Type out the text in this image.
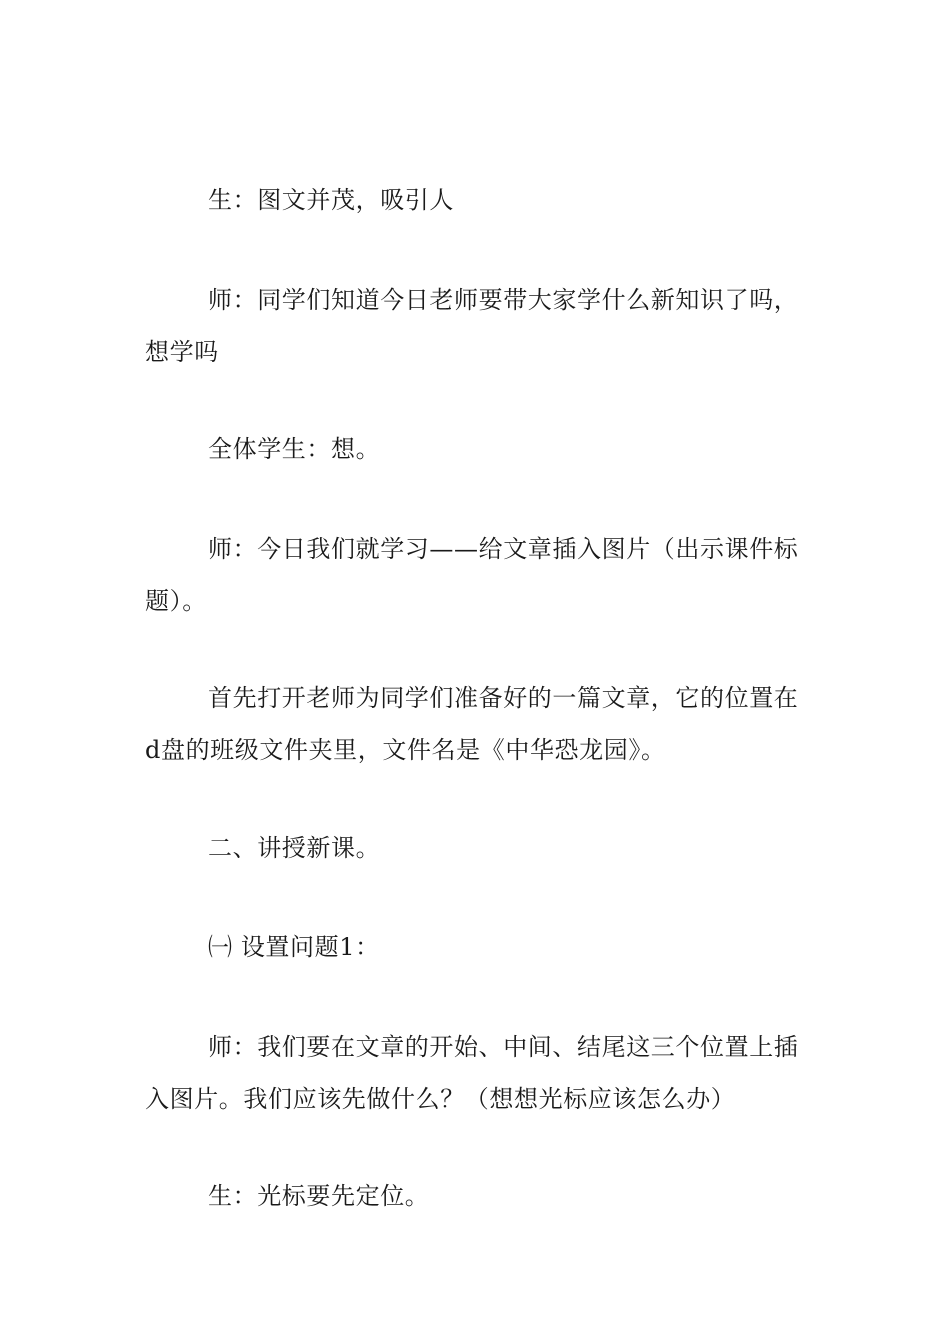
生：图文并茂，吸引人

师：同学们知道今日老师要带大家学什么新知识了吗，想学吗

全体学生：想。

师：今日我们就学习——给文章插入图片（出示课件标题）。

首先打开老师为同学们准备好的一篇文章，它的位置在d盘的班级文件夹里，文件名是《中华恐龙园》。

二、讲授新课。

㈠ 设置问题1：

师：我们要在文章的开始、中间、结尾这三个位置上插入图片。我们应该先做什么？（想想光标应该怎么办）

生：光标要先定位。
